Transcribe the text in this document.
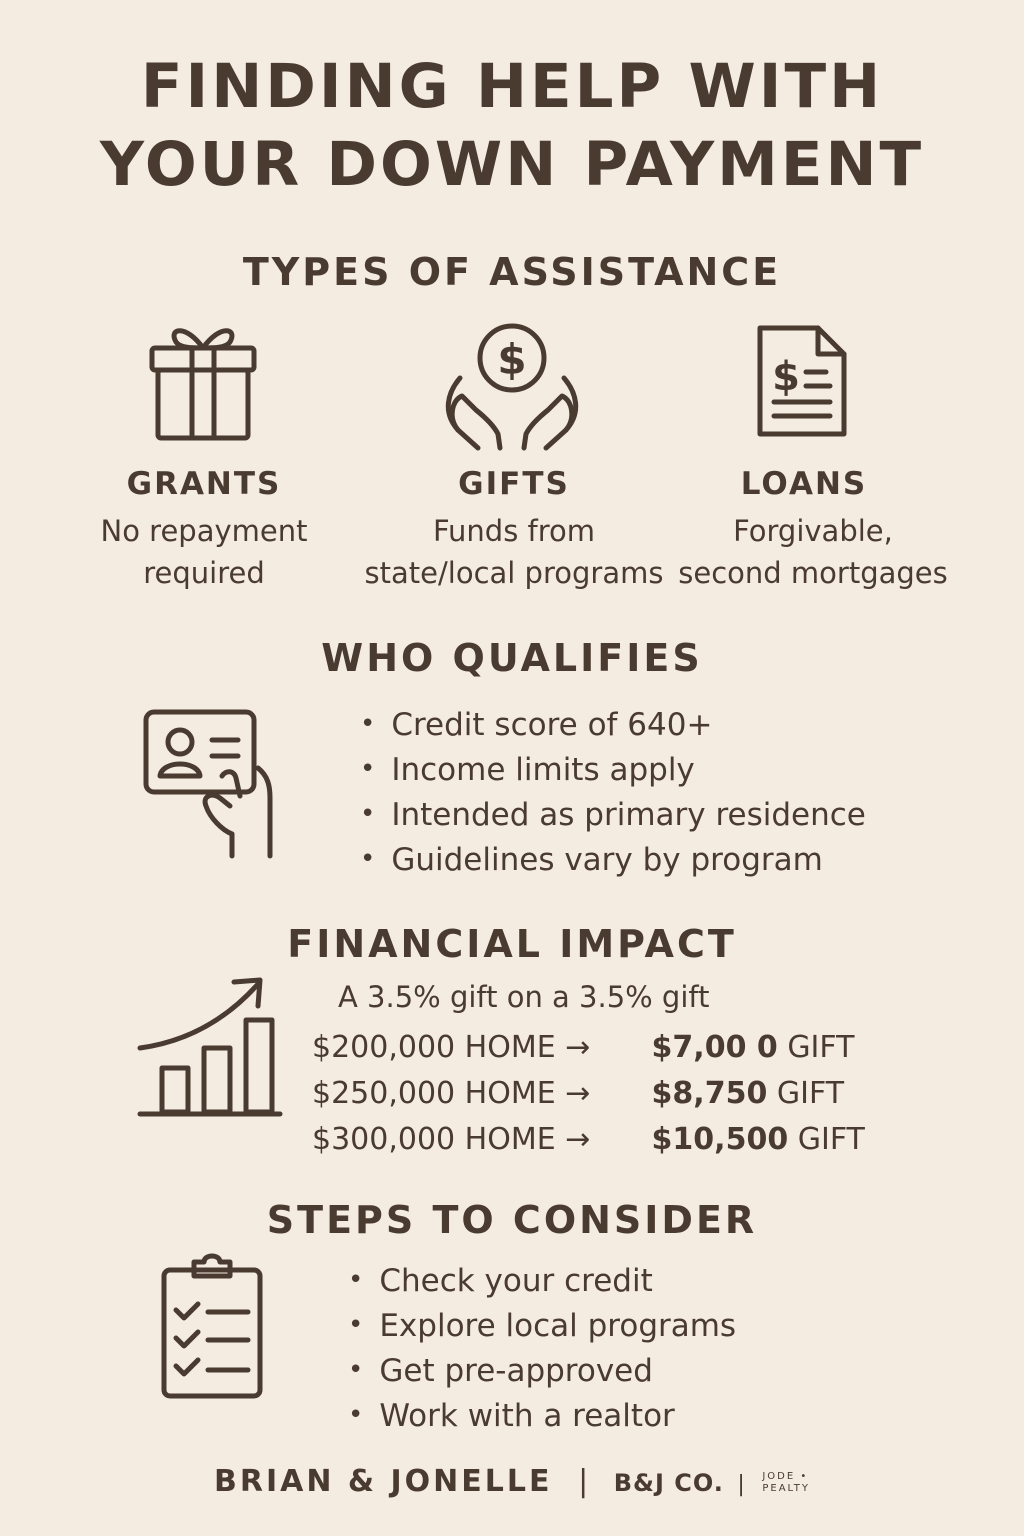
FINDING HELP WITH
YOUR DOWN PAYMENT
TYPES OF ASSISTANCE
$	$
GRANTS
No repayment
required
GIFTS
Funds from
state/local programs
LOANS
Forgivable,
second mortgages
WHO QUALIFIES
• Credit score of 640+
• Income limits apply
• Intended as primary residence
• Guidelines vary by program
FINANCIAL IMPACT
A 3.5% gift on a 3.5% gift
$200,000 HOME → $7,00 0 GIFT
$250,000 HOME → $8,750 GIFT
$300,000 HOME → $10,500 GIFT
STEPS TO CONSIDER
• Check your credit
• Explore local programs
• Get pre-approved
• Work with a realtor
BRIAN & JONELLE | B&J CO. | JODE •
PEALTY
